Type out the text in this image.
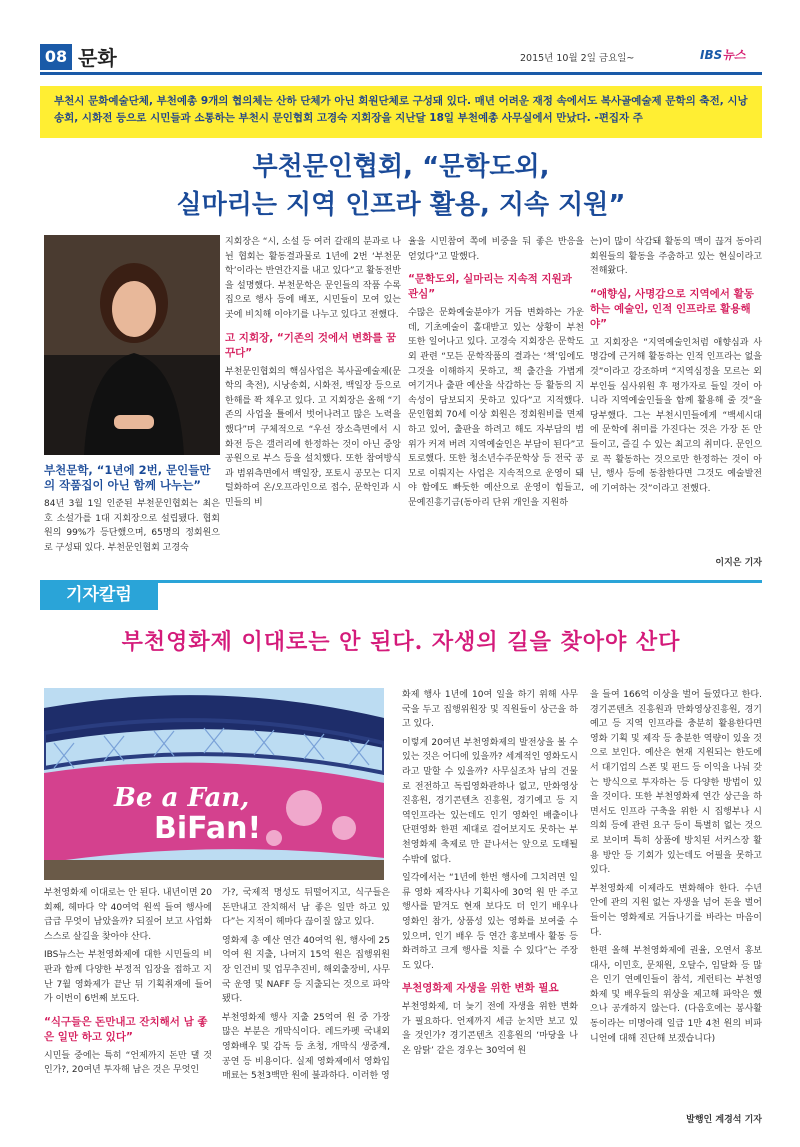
08 문화	2015년 10월 2일 금요일~	IBS뉴스
부천시 문화예술단체, 부천예총 9개의 협의체는 산하 단체가 아닌 회원단체로 구성돼 있다. 매년 어려운 재정 속에서도 복사골예술제 문학의 축전, 시낭송회, 시화전 등으로 시민들과 소통하는 부천시 문인협회 고경숙 지회장을 지난달 18일 부천예총 사무실에서 만났다. -편집자 주
부천문인협회, “문학도외,
실마리는 지역 인프라 활용, 지속 지원”
부천문학, “1년에 2번, 문인들만의 작품집이 아닌 함께 나누는”
84년 3월 1일 인준된 부천문인협회는 최은호 소설가를 1대 지회장으로 설립됐다. 협회원의 99%가 등단했으며, 65명의 정회원으로 구성돼 있다. 부천문인협회 고경숙
지회장은 “시, 소설 등 여러 갈래의 분과로 나뉜 협회는 활동결과물로 1년에 2번 ‘부천문학’이라는 반연간지를 내고 있다”고 활동전반을 설명했다. 부천문학은 문인들의 작품 수록집으로 행사 등에 배포, 시민들이 모여 있는 곳에 비치해 이야기를 나누고 있다고 전했다.
고 지회장, “기존의 것에서 변화를 꿈꾸다”
부천문인협회의 핵심사업은 복사골예술제(문학의 축전), 시낭송회, 시화전, 백일장 등으로 한해를 꽉 채우고 있다. 고 지회장은 올해 “기존의 사업을 틀에서 벗어나려고 많은 노력을 했다”며 구체적으로 “우선 장소측면에서 시화전 등은 갤러리에 한정하는 것이 아닌 중앙공원으로 부스 등을 설치했다. 또한 참여방식과 범위측면에서 백일장, 포토시 공모는 디지털화하여 온/오프라인으로 접수, 문학인과 시민들의 비
율을 시민참여 쪽에 비중을 둬 좋은 반응을 얻었다”고 말했다.
“문학도외, 실마리는 지속적 지원과 관심”
수많은 문화예술분야가 거듭 변화하는 가운데, 기초예술이 홀대받고 있는 상황이 부천 또한 일어나고 있다. 고경숙 지회장은 문학도외 관련 “모든 문학작품의 결과는 ‘책’임에도 그것을 이해하지 못하고, 책 출간을 가볍게 여기거나 출판 예산을 삭감하는 등 활동의 지속성이 담보되지 못하고 있다”고 지적했다. 문인협회 70세 이상 회원은 정회원비를 면제하고 있어, 출판을 하려고 해도 자부담의 범위가 커져 버려 지역예술인은 부담이 된다”고 토로했다. 또한 청소년수주문학상 등 전국 공모로 이뤄지는 사업은 지속적으로 운영이 돼야 함에도 빠듯한 예산으로 운영이 힘들고, 문예진흥기금(동아리 단위 개인을 지원하
는)이 많이 삭감돼 활동의 맥이 끊겨 동아리 회원들의 활동을 주춤하고 있는 현실이라고 전해왔다.
“애향심, 사명감으로 지역에서 활동하는 예술인, 인적 인프라로 활용해야”
고 지회장은 “지역예술인처럼 애향심과 사명감에 근거해 활동하는 인적 인프라는 없을 것”이라고 강조하며 “지역심정을 모르는 외부인들 심사위원 후 평가자로 들일 것이 아니라 지역예술인들을 함께 활용해 줄 것”을 당부했다. 그는 부천시민들에게 “백세시대에 문학에 취미를 가진다는 것은 가장 돈 안들이고, 즐길 수 있는 최고의 취미다. 문인으로 꼭 활동하는 것으로만 한정하는 것이 아닌, 행사 등에 동참한다면 그것도 예술발전에 기여하는 것”이라고 전했다.
이지은 기자
기자칼럼
부천영화제 이대로는 안 된다. 자생의 길을 찾아야 산다
Be a Fan,
BiFan!
부천영화제 이대로는 안 된다. 내년이면 20회째, 헤마다 약 40여억 원씩 들여 행사에 급급 무엇이 남았을까? 되짚어 보고 사업화 스스로 살길을 찾아야 산다.
IBS뉴스는 부천영화제에 대한 시민들의 비판과 함께 다양한 부정적 입장을 접하고 지난 7월 영화제가 끝난 뒤 기획취재에 들어가 이번이 6번째 보도다.
“식구들은 돈만내고 잔치해서 남 좋은 일만 하고 있다”
시민들 중에는 특히 “언제까지 돈만 댈 것인가?, 20여년 투자해 남은 것은 무엇인
가?, 국제적 명성도 뒤떨어지고, 식구들은 돈만내고 잔치해서 남 좋은 일만 하고 있다”는 지적이 헤마다 끊이질 않고 있다.
영화제 총 예산 연간 40여억 원, 행사에 25억여 원 지출, 나머지 15억 원은 집행위원장 인건비 및 업무추진비, 해외출장비, 사무국 운영 및 NAFF 등 지출되는 것으로 파악됐다.
부천영화제 행사 지출 25억여 원 중 가장 많은 부분은 개막식이다. 레드카펫 국내외 영화배우 및 감독 등 초청, 개막식 생중계, 공연 등 비용이다. 실제 영화제에서 영화입매료는 5천3백만 원에 불과하다. 이러한 영
화제 행사 1년에 10여 일을 하기 위해 사무국을 두고 집행위원장 및 직원들이 상근을 하고 있다.
이렇게 20여년 부천영화제의 발전상을 볼 수 있는 것은 어디에 있을까? 세계적인 영화도시라고 말할 수 있을까? 사무실조차 남의 건물로 전전하고 독립영화관하나 없고, 만화영상 진흥원, 경기콘텐츠 진흥원, 경기예고 등 지역인프라는 있는데도 인기 영화인 배출이나 단편영화 한편 제대로 걸어보지도 못하는 부천영화제 축제로 만 끝나서는 앞으로 도태될 수밖에 없다.
일각에서는 “1년에 한번 행사에 그치려면 일류 영화 제작사나 기획사에 30억 원 만 주고 행사를 맡겨도 현재 보다도 더 인기 배우나 영화인 참가, 상품성 있는 영화를 보여줄 수 있으며, 인기 배우 등 연간 홍보매사 활동 등 화려하고 크게 행사를 치를 수 있다”는 주장도 있다.
부천영화제 자생을 위한 변화 필요
부천영화제, 더 늦기 전에 자생을 위한 변화가 필요하다. 언제까지 세금 눈치만 보고 있을 것인가? 경기콘텐츠 진흥원의 ‘마당을 나온 암탉’ 같은 경우는 30억여 원
을 들여 166억 이상을 벌어 들였다고 한다. 경기콘텐츠 진흥원과 만화영상진흥원, 경기예고 등 지역 인프라를 충분히 활용한다면 영화 기획 및 제작 등 충분한 역량이 있을 것으로 보인다. 예산은 현재 지원되는 한도에서 대기업의 스폰 및 펀드 등 이익을 나눠 갖는 방식으로 투자하는 등 다양한 방법이 있을 것이다. 또한 부천영화제 연간 상근을 하면서도 인프라 구축을 위한 시 집행부나 시의회 등에 관련 요구 등이 특별히 없는 것으로 보이며 특히 상품에 방치된 서커스장 활용 방안 등 기회가 있는데도 어필을 못하고 있다.
부천영화제 이제라도 변화해야 한다. 수년 안에 관의 지원 없는 자생을 넘어 돈을 벌어들이는 영화제로 거듭나기를 바라는 마음이다.
한편 올해 부천영화제에 권율, 오연서 홍보대사, 이민호, 문채원, 오달수, 임달화 등 많은 인기 연예인들이 참석, 게런티는 부천영화제 및 배우들의 위상을 제고해 파악은 했으나 공개하지 않는다. (다음호에는 봉사활동이라는 미명아래 일급 1만 4천 원의 비파니언에 대해 진단해 보겠습니다)
발행인 계경석 기자
